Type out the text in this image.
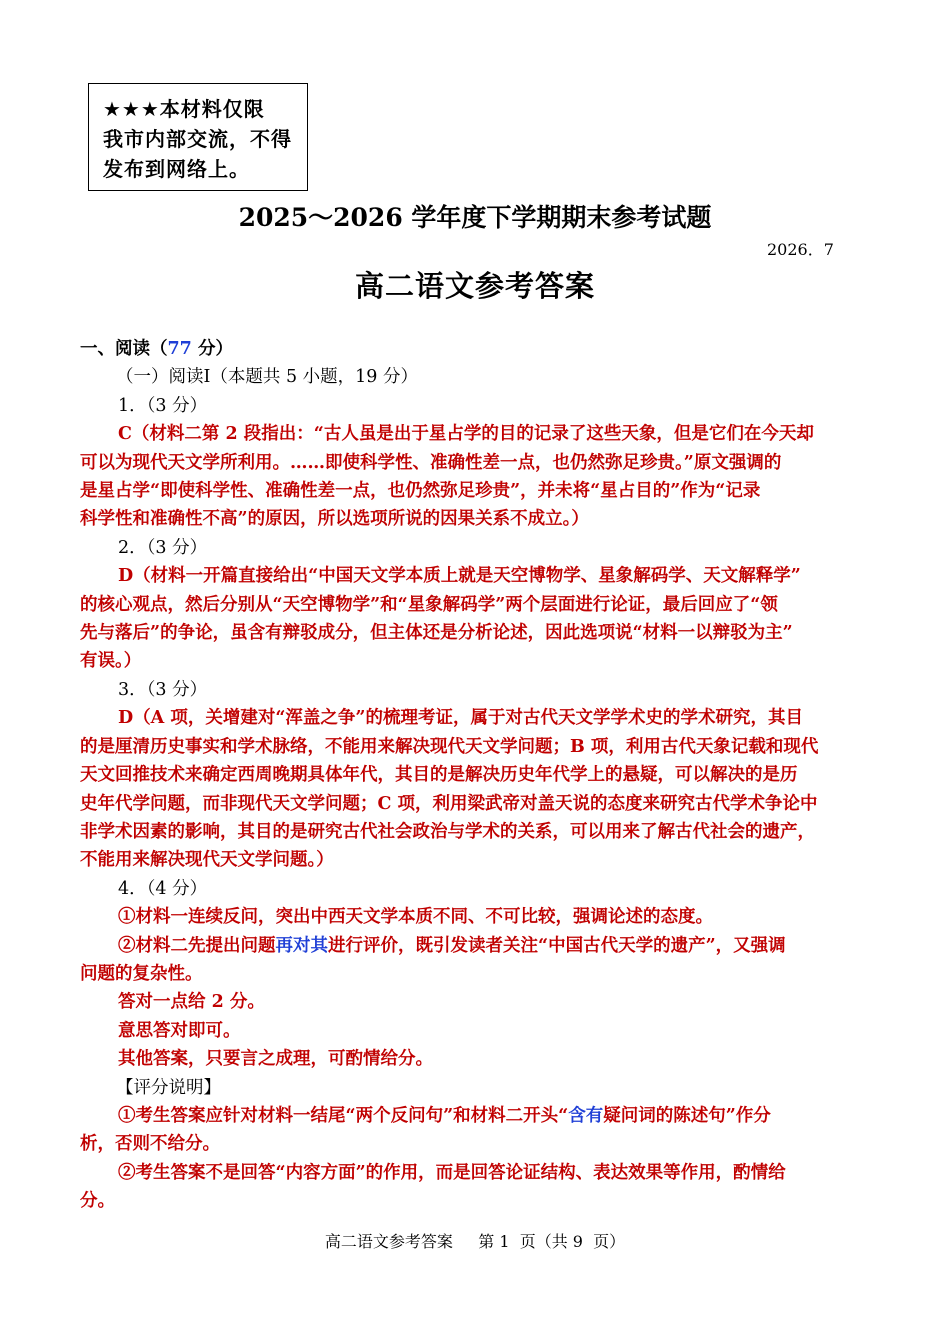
★★★本材料仅限
我市内部交流，不得
发布到网络上。
2025～2026 学年度下学期期末参考试题
2026．7
高二语文参考答案
一、阅读（77 分）
（一）阅读Ⅰ（本题共 5 小题，19 分）
1．（3 分）
C（材料二第 2 段指出：“古人虽是出于星占学的目的记录了这些天象，但是它们在今天却
可以为现代天文学所利用。……即使科学性、准确性差一点，也仍然弥足珍贵。”原文强调的
是星占学“即使科学性、准确性差一点，也仍然弥足珍贵”，并未将“星占目的”作为“记录
科学性和准确性不高”的原因，所以选项所说的因果关系不成立。）
2．（3 分）
D（材料一开篇直接给出“中国天文学本质上就是天空博物学、星象解码学、天文解释学”
的核心观点，然后分别从“天空博物学”和“星象解码学”两个层面进行论证，最后回应了“领
先与落后”的争论，虽含有辩驳成分，但主体还是分析论述，因此选项说“材料一以辩驳为主”
有误。）
3．（3 分）
D（A 项，关增建对“浑盖之争”的梳理考证，属于对古代天文学学术史的学术研究，其目
的是厘清历史事实和学术脉络，不能用来解决现代天文学问题；B 项，利用古代天象记载和现代
天文回推技术来确定西周晚期具体年代，其目的是解决历史年代学上的悬疑，可以解决的是历
史年代学问题，而非现代天文学问题；C 项，利用梁武帝对盖天说的态度来研究古代学术争论中
非学术因素的影响，其目的是研究古代社会政治与学术的关系，可以用来了解古代社会的遗产，
不能用来解决现代天文学问题。）
4．（4 分）
①材料一连续反问，突出中西天文学本质不同、不可比较，强调论述的态度。
②材料二先提出问题再对其进行评价，既引发读者关注“中国古代天学的遗产”，又强调
问题的复杂性。
答对一点给 2 分。
意思答对即可。
其他答案，只要言之成理，可酌情给分。
【评分说明】
①考生答案应针对材料一结尾“两个反问句”和材料二开头“含有疑问词的陈述句”作分
析，否则不给分。
②考生答案不是回答“内容方面”的作用，而是回答论证结构、表达效果等作用，酌情给
分。
高二语文参考答案     第 1  页（共 9  页）
